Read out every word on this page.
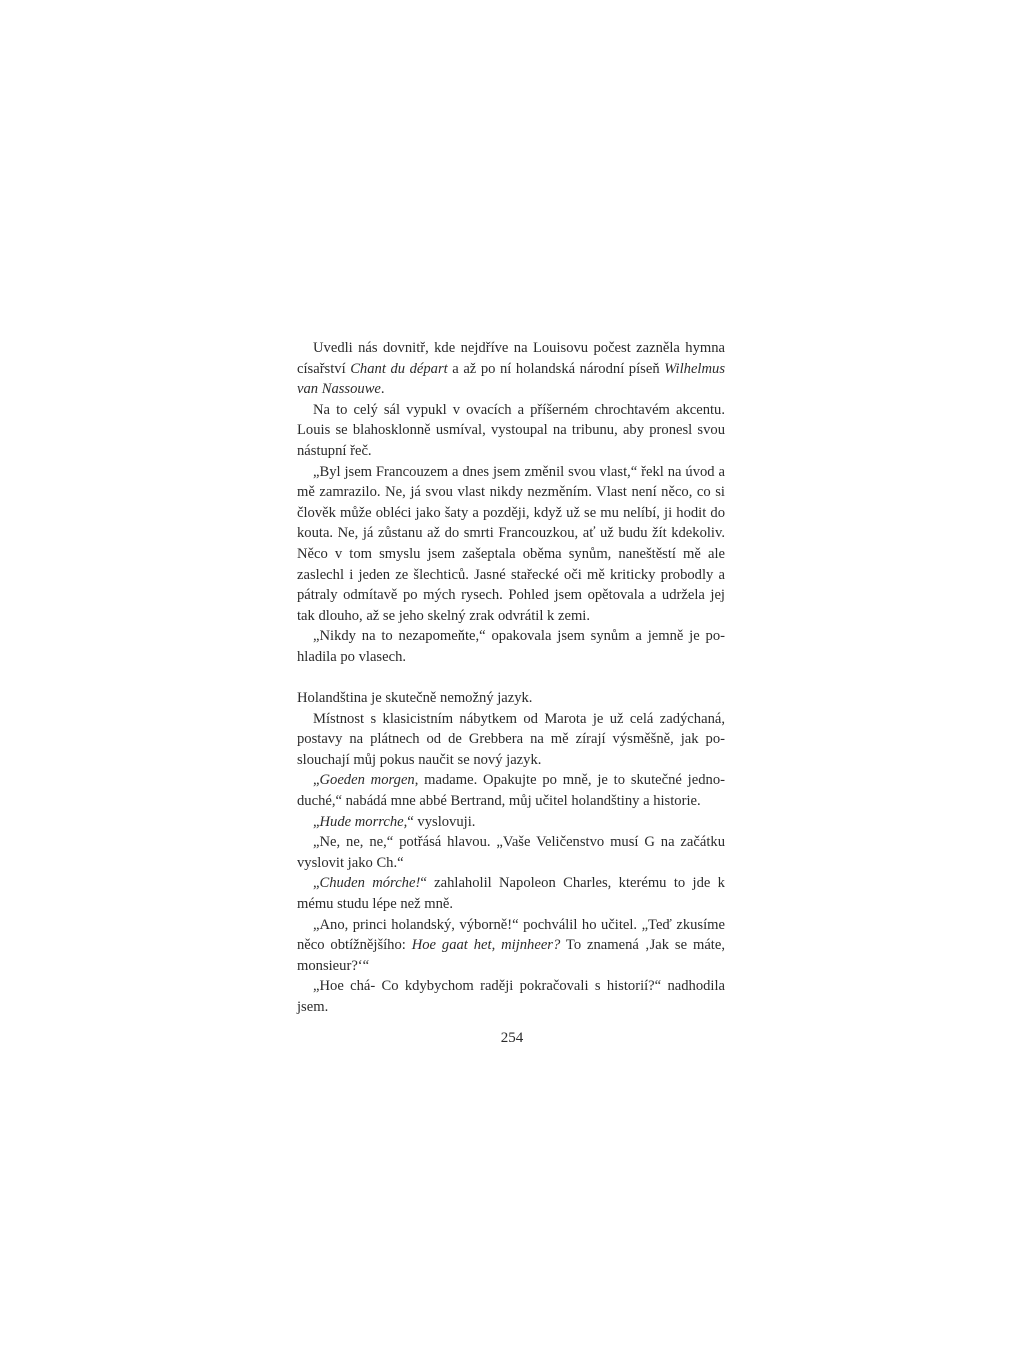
Uvedli nás dovnitř, kde nejdříve na Louisovu počest zazněla hymna císařství Chant du départ a až po ní holandská národní píseň Wilhelmus van Nassouwe.

Na to celý sál vypukl v ovacích a příšerném chrochtavém akcentu. Louis se blahosklonně usmíval, vystoupal na tribunu, aby pronesl svou nástupní řeč.

„Byl jsem Francouzem a dnes jsem změnil svou vlast,“ řekl na úvod a mě zamrazilo. Ne, já svou vlast nikdy nezměním. Vlast není něco, co si člověk může obléci jako šaty a později, když už se mu nelíbí, ji hodit do kouta. Ne, já zůstanu až do smrti Francouzkou, ať už budu žít kdekoliv. Něco v tom smyslu jsem zašeptala oběma synům, naneštěstí mě ale zaslechl i jeden ze šlechticů. Jasné stařecké oči mě kriticky probodly a pátraly odmítavě po mých rysech. Pohled jsem opětovala a udržela jej tak dlouho, až se jeho skelný zrak odvrátil k zemi.

„Nikdy na to nezapomeňte,“ opakovala jsem synům a jemně je pohladila po vlasech.

Holandština je skutečně nemožný jazyk.

Místnost s klasicistním nábytkem od Marota je už celá zadýchaná, postavy na plátnech od de Grebbera na mě zírají výsměšně, jak poslouchají můj pokus naučit se nový jazyk.

„Goeden morgen, madame. Opakujte po mně, je to skutečné jednoduché,“ nabádá mne abbé Bertrand, můj učitel holandštiny a historie.

„Hude morrche,“ vyslovuji.

„Ne, ne, ne,“ potřásá hlavou. „Vaše Veličenstvo musí G na začátku vyslovit jako Ch.“

„Chuden mórche!“ zahlaholil Napoleon Charles, kterému to jde k mému studu lépe než mně.

„Ano, princi holandský, výborně!“ pochválil ho učitel. „Teď zkusíme něco obtížnějšího: Hoe gaat het, mijnheer? To znamená ‚Jak se máte, monsieur?‘“

„Hoe chá- Co kdybychom raději pokračovali s historií?“ nadhodila jsem.

254
